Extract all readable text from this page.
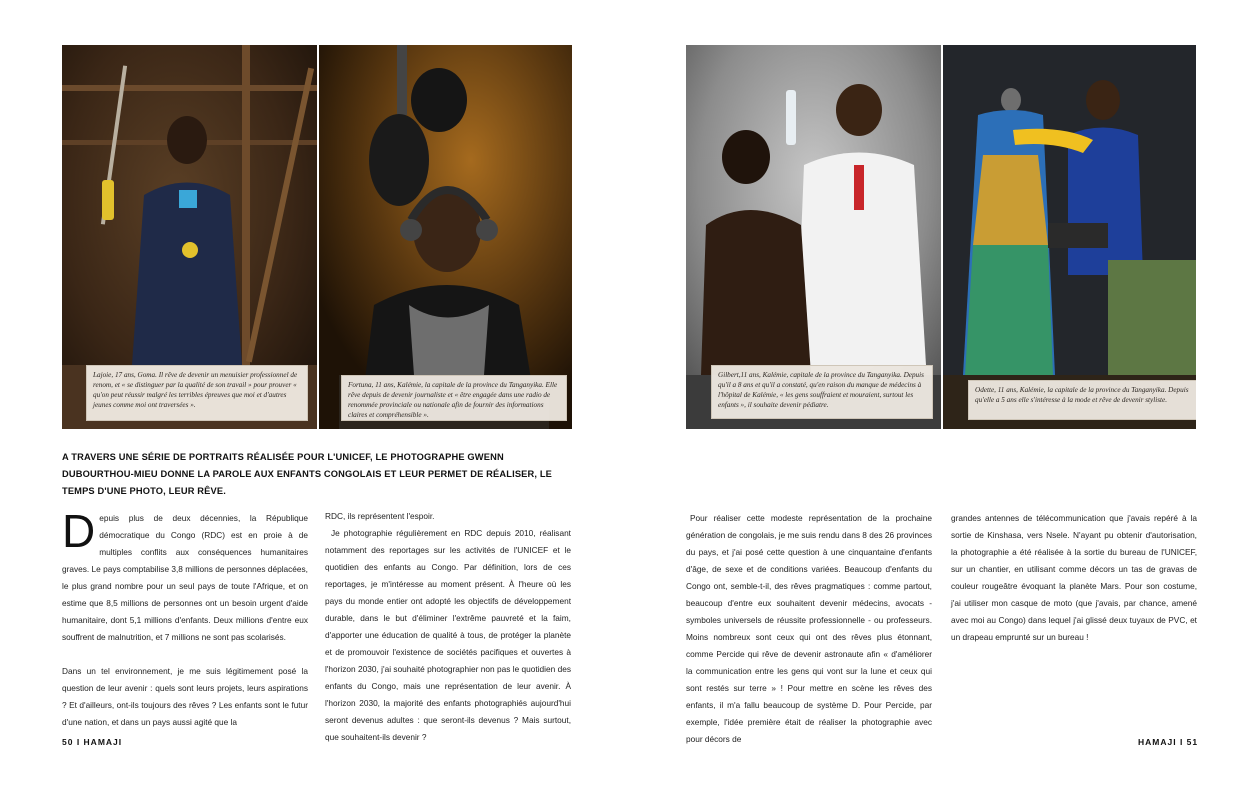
Lajoie, 17 ans, Goma. Il rêve de devenir un menuisier professionnel de renom, et « se distinguer par la qualité de son travail » pour prouver « qu'on peut réussir malgré les terribles épreuves que moi et d'autres jeunes comme moi ont traversées ».
Fortuna, 11 ans, Kalémie, la capitale de la province du Tanganyika. Elle rêve depuis de devenir journaliste et « être engagée dans une radio de renommée provinciale ou nationale afin de fournir des informations claires et compréhensible ».
Gilbert,11 ans, Kalémie, capitale de la province du Tanganyika. Depuis qu'il a 8 ans et qu'il a constaté, qu'en raison du manque de médecins à l'hôpital de Kalémie, « les gens souffraient et mouraient, surtout les enfants », il souhaite devenir pédiatre.
Odette, 11 ans, Kalémie, la capitale de la province du Tanganyika. Depuis qu'elle a 5 ans elle s'intéresse à la mode et rêve de devenir styliste.
A TRAVERS UNE SÉRIE DE PORTRAITS RÉALISÉE POUR L'UNICEF, LE PHOTOGRAPHE GWENN DUBOURTHOU-MIEU DONNE LA PAROLE AUX ENFANTS CONGOLAIS ET LEUR PERMET DE RÉALISER, LE TEMPS D'UNE PHOTO, LEUR RÊVE.

Depuis plus de deux décennies, la République démocratique du Congo (RDC) est en proie à de multiples conflits aux conséquences humanitaires graves. Le pays comptabilise 3,8 millions de personnes déplacées, le plus grand nombre pour un seul pays de toute l'Afrique, et on estime que 8,5 millions de personnes ont un besoin urgent d'aide humanitaire, dont 5,1 millions d'enfants. Deux millions d'entre eux souffrent de malnutrition, et 7 millions ne sont pas scolarisés.

Dans un tel environnement, je me suis légitimement posé la question de leur avenir : quels sont leurs projets, leurs aspirations ? Et d'ailleurs, ont-ils toujours des rêves ? Les enfants sont le futur d'une nation, et dans un pays aussi agité que la

RDC, ils représentent l'espoir.

Je photographie régulièrement en RDC depuis 2010, réalisant notamment des reportages sur les activités de l'UNICEF et le quotidien des enfants au Congo. Par définition, lors de ces reportages, je m'intéresse au moment présent. À l'heure où les pays du monde entier ont adopté les objectifs de développement durable, dans le but d'éliminer l'extrême pauvreté et la faim, d'apporter une éducation de qualité à tous, de protéger la planète et de promouvoir l'existence de sociétés pacifiques et ouvertes à l'horizon 2030, j'ai souhaité photographier non pas le quotidien des enfants du Congo, mais une représentation de leur avenir. À l'horizon 2030, la majorité des enfants photographiés aujourd'hui seront devenus adultes : que seront-ils devenus ? Mais surtout, que souhaitent-ils devenir ?

Pour réaliser cette modeste représentation de la prochaine génération de congolais, je me suis rendu dans 8 des 26 provinces du pays, et j'ai posé cette question à une cinquantaine d'enfants d'âge, de sexe et de conditions variées. Beaucoup d'enfants du Congo ont, semble-t-il, des rêves pragmatiques : comme partout, beaucoup d'entre eux souhaitent devenir médecins, avocats - symboles universels de réussite professionnelle - ou professeurs. Moins nombreux sont ceux qui ont des rêves plus étonnant, comme Percide qui rêve de devenir astronaute afin « d'améliorer la communication entre les gens qui vont sur la lune et ceux qui sont restés sur terre » ! Pour mettre en scène les rêves des enfants, il m'a fallu beaucoup de système D. Pour Percide, par exemple, l'idée première était de réaliser la photographie avec pour décors de

grandes antennes de télécommunication que j'avais repéré à la sortie de Kinshasa, vers Nsele. N'ayant pu obtenir d'autorisation, la photographie a été réalisée à la sortie du bureau de l'UNICEF, sur un chantier, en utilisant comme décors un tas de gravas de couleur rougeâtre évoquant la planète Mars. Pour son costume, j'ai utiliser mon casque de moto (que j'avais, par chance, amené avec moi au Congo) dans lequel j'ai glissé deux tuyaux de PVC, et un drapeau emprunté sur un bureau !

50 I HAMAJI	HAMAJI I 51
